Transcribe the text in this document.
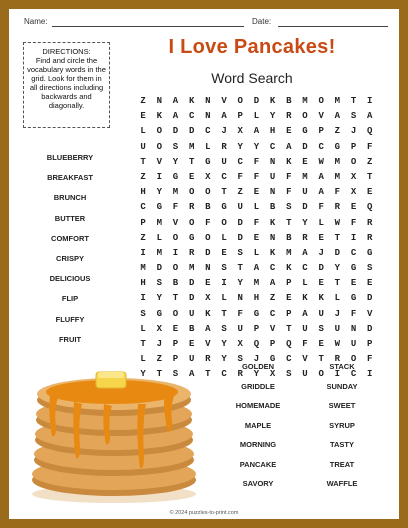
Name:	Date:
DIRECTIONS:
Find and circle the vocabulary words in the grid. Look for them in all directions including backwards and diagonally.
I Love Pancakes!
Word Search
Z	N	A	K	N	V	O	D	K	B	M	O	M	T	I
E	K	A	C	N	A	P	L	Y	R	O	V	A	S	A
L	O	D	D	C	J	X	A	H	E	G	P	Z	J	Q
U	O	S	M	L	R	Y	Y	C	A	D	C	G	P	F
T	V	Y	T	G	U	C	F	N	K	E	W	M	O	Z
Z	I	G	E	X	C	F	F	U	F	M	A	M	X	T
H	Y	M	O	O	T	Z	E	N	F	U	A	F	X	E
C	G	F	R	B	G	U	L	B	S	D	F	R	E	Q
P	M	V	O	F	O	D	F	K	T	Y	L	W	F	R
Z	L	O	G	O	L	D	E	N	B	R	E	T	I	R
I	M	I	R	D	E	S	L	K	M	A	J	D	C	G
M	D	O	M	N	S	T	A	C	K	C	D	Y	G	S
H	S	B	D	E	I	Y	M	A	P	L	E	T	E	E
I	Y	T	D	X	L	N	H	Z	E	K	K	L	G	D
S	G	O	U	K	T	F	G	C	P	A	U	J	F	V
L	X	E	B	A	S	U	P	V	T	U	S	U	N	D
T	J	P	E	V	Y	X	Q	P	Q	F	E	W	U	P
L	Z	P	U	R	Y	S	J	G	C	V	T	R	O	F
Y	T	S	A	T	C	R	Y	X	S	U	O	I	C	I
BLUEBERRY
BREAKFAST
BRUNCH
BUTTER
COMFORT
CRISPY
DELICIOUS
FLIP
FLUFFY
FRUIT
GOLDEN
GRIDDLE
HOMEMADE
MAPLE
MORNING
PANCAKE
SAVORY
STACK
SUNDAY
SWEET
SYRUP
TASTY
TREAT
WAFFLE
© 2024 puzzles-to-print.com
